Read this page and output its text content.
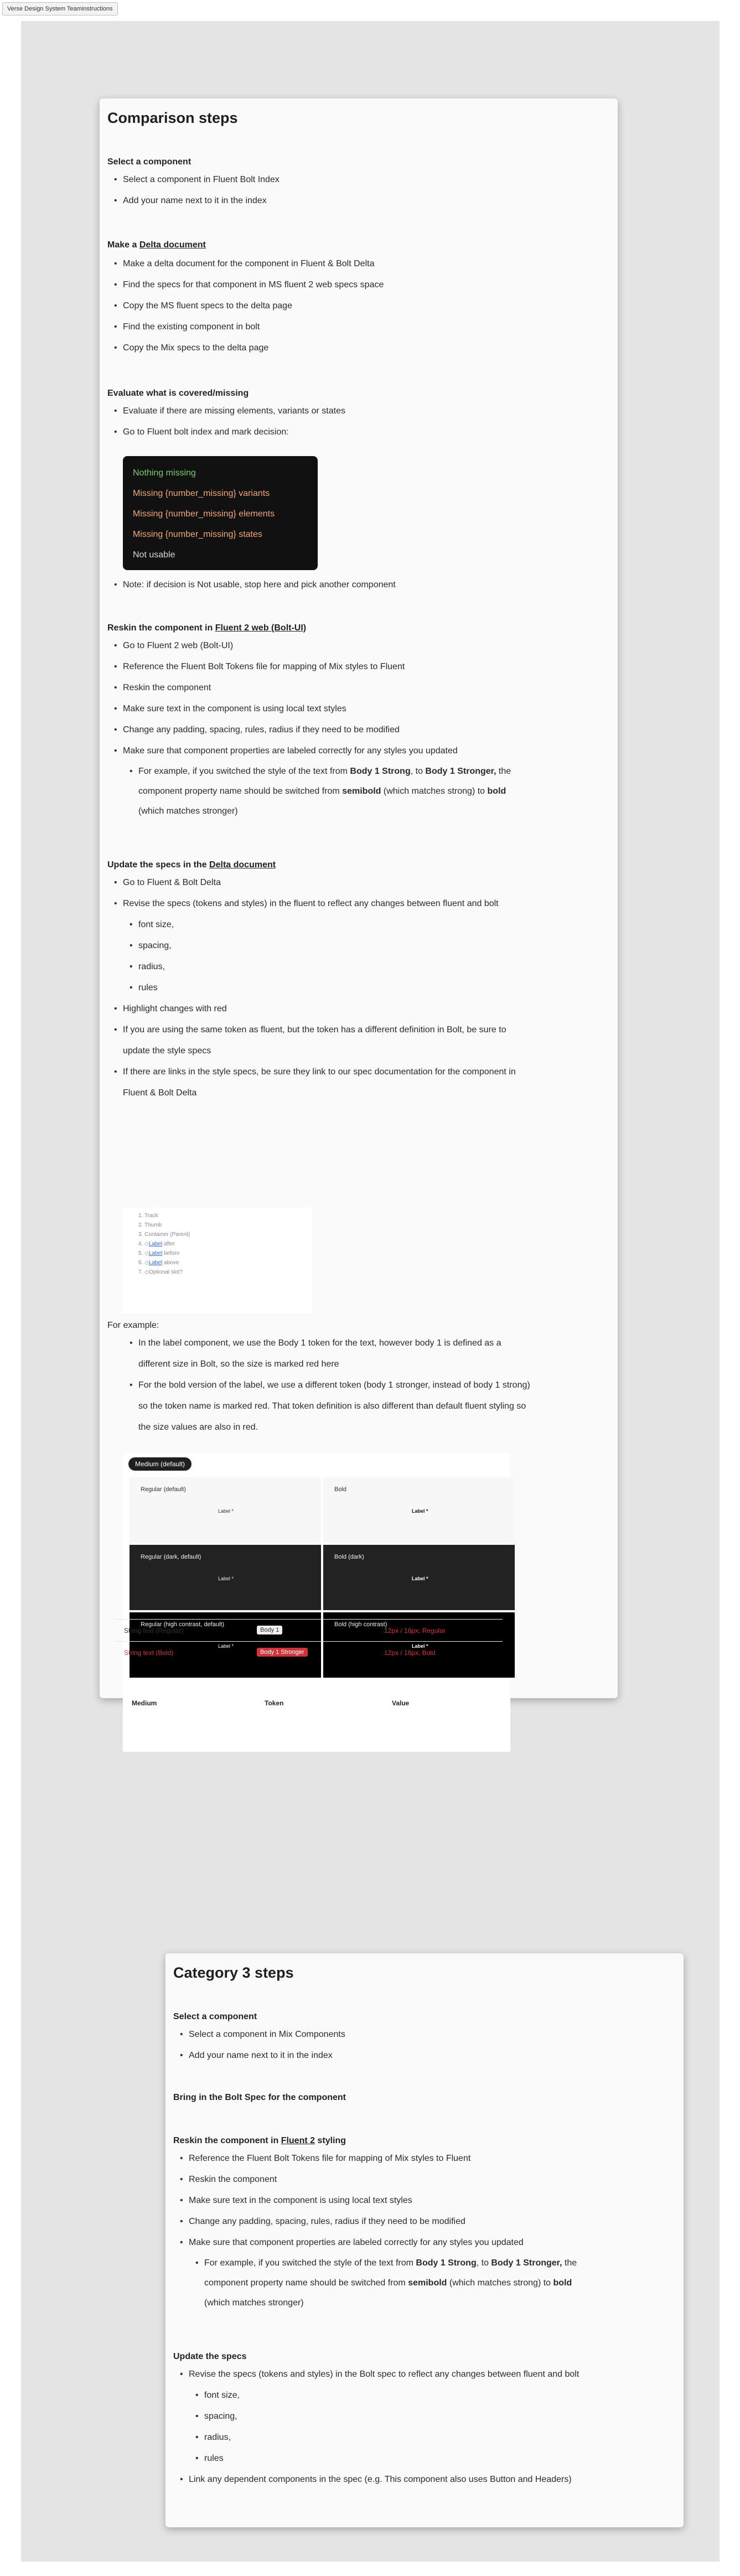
Verse Design System Teaminstructions
Comparison steps
Select a component
• Select a component in Fluent Bolt Index
• Add your name next to it in the index
Make a Delta document
• Make a delta document for the component in Fluent & Bolt Delta
• Find the specs for that component in MS fluent 2 web specs space
• Copy the MS fluent specs to the delta page
• Find the existing component in bolt
• Copy the Mix specs to the delta page
Evaluate what is covered/missing
• Evaluate if there are missing elements, variants or states
• Go to Fluent bolt index and mark decision:
Nothing missing
Missing {number_missing} variants
Missing {number_missing} elements
Missing {number_missing} states
Not usable
• Note: if decision is Not usable, stop here and pick another component
Reskin the component in Fluent 2 web (Bolt-UI)
• Go to Fluent 2 web (Bolt-UI)
• Reference the Fluent Bolt Tokens file for mapping of Mix styles to Fluent
• Reskin the component
• Make sure text in the component is using local text styles
• Change any padding, spacing, rules, radius if they need to be modified
• Make sure that component properties are labeled correctly for any styles you updated
• For example, if you switched the style of the text from Body 1 Strong, to Body 1 Stronger, the
component property name should be switched from semibold (which matches strong) to bold
(which matches stronger)
Update the specs in the Delta document
• Go to Fluent & Bolt Delta
• Revise the specs (tokens and styles) in the fluent to reflect any changes between fluent and bolt
• font size,
• spacing,
• radius,
• rules
• Highlight changes with red
• If you are using the same token as fluent, but the token has a different definition in Bolt, be sure to
update the style specs
• If there are links in the style specs, be sure they link to our spec documentation for the component in
Fluent & Bolt Delta
1. Track
2. Thumb
3. Container (Parent)
4. ◇Label after
5. ◇Label before
6. ◇Label above
7. ◇Optional slot?
For example:
• In the label component, we use the Body 1 token for the text, however body 1 is defined as a
different size in Bolt, so the size is marked red here
• For the bold version of the label, we use a different token (body 1 stronger, instead of body 1 strong)
so the token name is marked red. That token definition is also different than default fluent styling so
the size values are also in red.
Medium (default)
Regular (default)
Label *
Bold
Label *
Regular (dark, default)
Label *
Bold (dark)
Label *
Regular (high contrast, default)
Label *
Bold (high contrast)
Label *
Medium	Token	Value
Category 3 steps
Select a component
• Select a component in Mix Components
• Add your name next to it in the index
Bring in the Bolt Spec for the component
Reskin the component in Fluent 2 styling
• Reference the Fluent Bolt Tokens file for mapping of Mix styles to Fluent
• Reskin the component
• Make sure text in the component is using local text styles
• Change any padding, spacing, rules, radius if they need to be modified
• Make sure that component properties are labeled correctly for any styles you updated
• For example, if you switched the style of the text from Body 1 Strong, to Body 1 Stronger, the
component property name should be switched from semibold (which matches strong) to bold
(which matches stronger)
Update the specs
• Revise the specs (tokens and styles) in the Bolt spec to reflect any changes between fluent and bolt
• font size,
• spacing,
• radius,
• rules
• Link any dependent components in the spec (e.g. This component also uses Button and Headers)
String text (Regular)	Body 1	12px / 16px, Regular
String text (Bold)	Body 1 Stronger	12px / 16px, Bold
